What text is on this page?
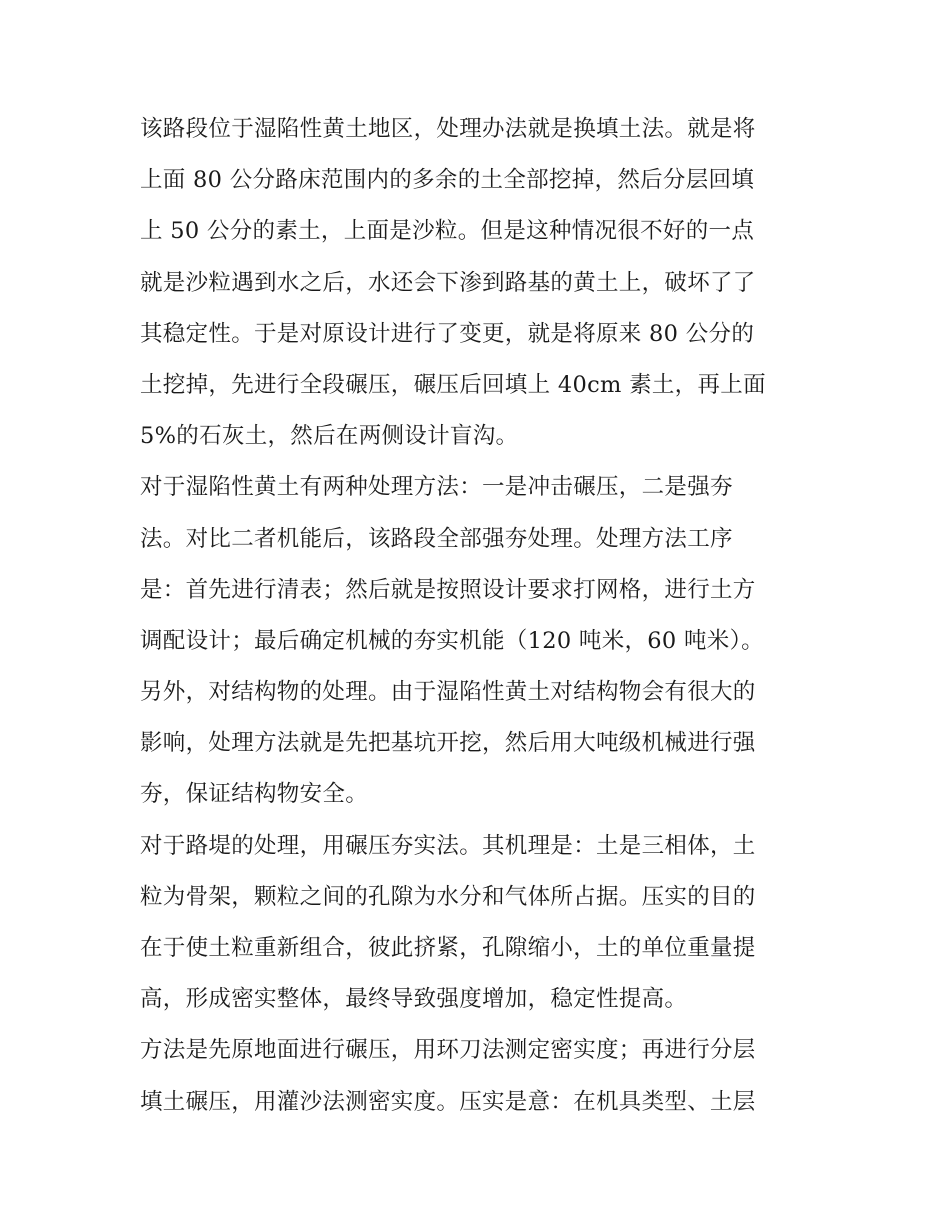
该路段位于湿陷性黄土地区，处理办法就是换填土法。就是将
上面 80 公分路床范围内的多余的土全部挖掉，然后分层回填
上 50 公分的素土，上面是沙粒。但是这种情况很不好的一点
就是沙粒遇到水之后，水还会下渗到路基的黄土上，破坏了了
其稳定性。于是对原设计进行了变更，就是将原来 80 公分的
土挖掉，先进行全段碾压，碾压后回填上 40cm 素土，再上面
5%的石灰土，然后在两侧设计盲沟。
对于湿陷性黄土有两种处理方法：一是冲击碾压，二是强夯
法。对比二者机能后，该路段全部强夯处理。处理方法工序
是：首先进行清表；然后就是按照设计要求打网格，进行土方
调配设计；最后确定机械的夯实机能（120 吨米，60 吨米）。
另外，对结构物的处理。由于湿陷性黄土对结构物会有很大的
影响，处理方法就是先把基坑开挖，然后用大吨级机械进行强
夯，保证结构物安全。
对于路堤的处理，用碾压夯实法。其机理是：土是三相体，土
粒为骨架，颗粒之间的孔隙为水分和气体所占据。压实的目的
在于使土粒重新组合，彼此挤紧，孔隙缩小，土的单位重量提
高，形成密实整体，最终导致强度增加，稳定性提高。
方法是先原地面进行碾压，用环刀法测定密实度；再进行分层
填土碾压，用灌沙法测密实度。压实是意：在机具类型、土层
